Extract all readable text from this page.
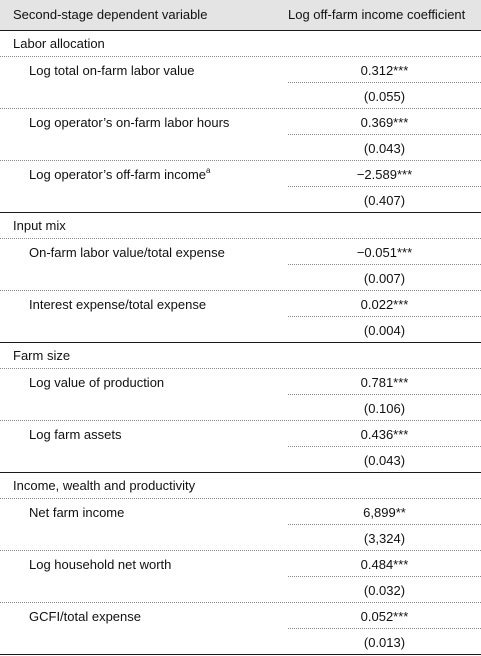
Second-stage dependent variable	Log off-farm income coefficient
Labor allocation
Log total on-farm labor value	0.312***
(0.055)
Log operator’s on-farm labor hours	0.369***
(0.043)
Log operator’s off-farm income$^a$	−2.589***
(0.407)
Input mix
On-farm labor value/total expense	−0.051***
(0.007)
Interest expense/total expense	0.022***
(0.004)
Farm size
Log value of production	0.781***
(0.106)
Log farm assets	0.436***
(0.043)
Income, wealth and productivity
Net farm income	6,899**
(3,324)
Log household net worth	0.484***
(0.032)
GCFI/total expense	0.052***
(0.013)
